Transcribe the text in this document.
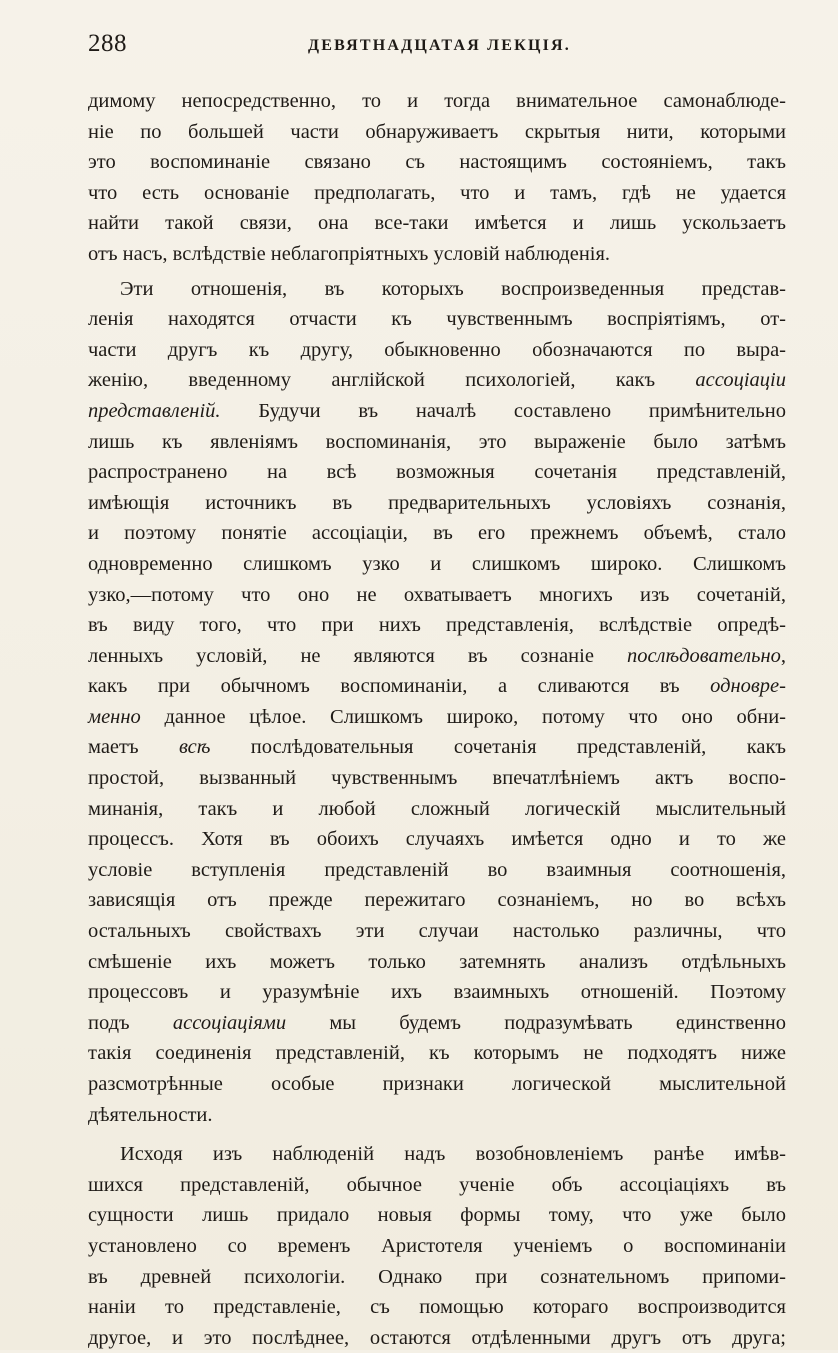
288	ДЕВЯТНАДЦАТАЯ ЛЕКЦІЯ.
димому непосредственно, то и тогда внимательное самонаблюде-
ніе по большей части обнаруживаетъ скрытыя нити, которыми
это воспоминаніе связано съ настоящимъ состояніемъ, такъ
что есть основаніе предполагать, что и тамъ, гдѣ не удается
найти такой связи, она все-таки имѣется и лишь ускользаетъ
отъ насъ, вслѣдствіе неблагопріятныхъ условій наблюденія.
Эти отношенія, въ которыхъ воспроизведенныя представ-
ленія находятся отчасти къ чувственнымъ воспріятіямъ, от-
части другъ къ другу, обыкновенно обозначаются по выра-
женію, введенному англійской психологіей, какъ ассоціаціи
представленій. Будучи въ началѣ составлено примѣнительно
лишь къ явленіямъ воспоминанія, это выраженіе было затѣмъ
распространено на всѣ возможныя сочетанія представленій,
имѣющія источникъ въ предварительныхъ условіяхъ сознанія,
и поэтому понятіе ассоціаціи, въ его прежнемъ объемѣ, стало
одновременно слишкомъ узко и слишкомъ широко. Слишкомъ
узко,—потому что оно не охватываетъ многихъ изъ сочетаній,
въ виду того, что при нихъ представленія, вслѣдствіе опредѣ-
ленныхъ условій, не являются въ сознаніе послѣдовательно,
какъ при обычномъ воспоминаніи, а сливаются въ одновре-
менно данное цѣлое. Слишкомъ широко, потому что оно обни-
маетъ всѣ послѣдовательныя сочетанія представленій, какъ
простой, вызванный чувственнымъ впечатлѣніемъ актъ воспо-
минанія, такъ и любой сложный логическій мыслительный
процессъ. Хотя въ обоихъ случаяхъ имѣется одно и то же
условіе вступленія представленій во взаимныя соотношенія,
зависящія отъ прежде пережитаго сознаніемъ, но во всѣхъ
остальныхъ свойствахъ эти случаи настолько различны, что
смѣшеніе ихъ можетъ только затемнять анализъ отдѣльныхъ
процессовъ и уразумѣніе ихъ взаимныхъ отношеній. Поэтому
подъ ассоціаціями мы будемъ подразумѣвать единственно
такія соединенія представленій, къ которымъ не подходятъ ниже
разсмотрѣнные особые признаки логической мыслительной
дѣятельности.
Исходя изъ наблюденій надъ возобновленіемъ ранѣе имѣв-
шихся представленій, обычное ученіе объ ассоціаціяхъ въ
сущности лишь придало новыя формы тому, что уже было
установлено со временъ Аристотеля ученіемъ о воспоминаніи
въ древней психологіи. Однако при сознательномъ припоми-
наніи то представленіе, съ помощью котораго воспроизводится
другое, и это послѣднее, остаются отдѣленными другъ отъ друга;
